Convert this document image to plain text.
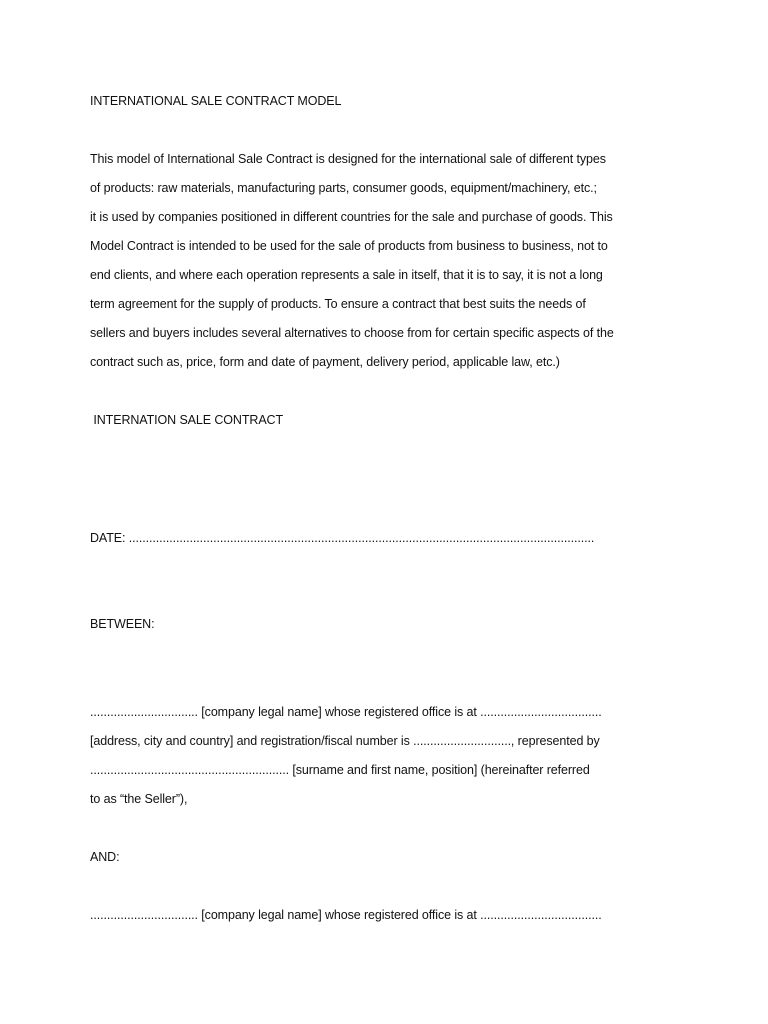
INTERNATIONAL SALE CONTRACT MODEL
This model of International Sale Contract is designed for the international sale of different types
of products: raw materials, manufacturing parts, consumer goods, equipment/machinery, etc.;
it is used by companies positioned in different countries for the sale and purchase of goods. This
Model Contract is intended to be used for the sale of products from business to business, not to
end clients, and where each operation represents a sale in itself, that it is to say, it is not a long
term agreement for the supply of products. To ensure a contract that best suits the needs of
sellers and buyers includes several alternatives to choose from for certain specific aspects of the
contract such as, price, form and date of payment, delivery period, applicable law, etc.)
INTERNATION SALE CONTRACT
DATE: ..........................................................................................................................................
BETWEEN:
................................ [company legal name] whose registered office is at ....................................
[address, city and country] and registration/fiscal number is ............................., represented by
........................................................... [surname and first name, position] (hereinafter referred
to as “the Seller”),
AND:
................................ [company legal name] whose registered office is at ....................................
